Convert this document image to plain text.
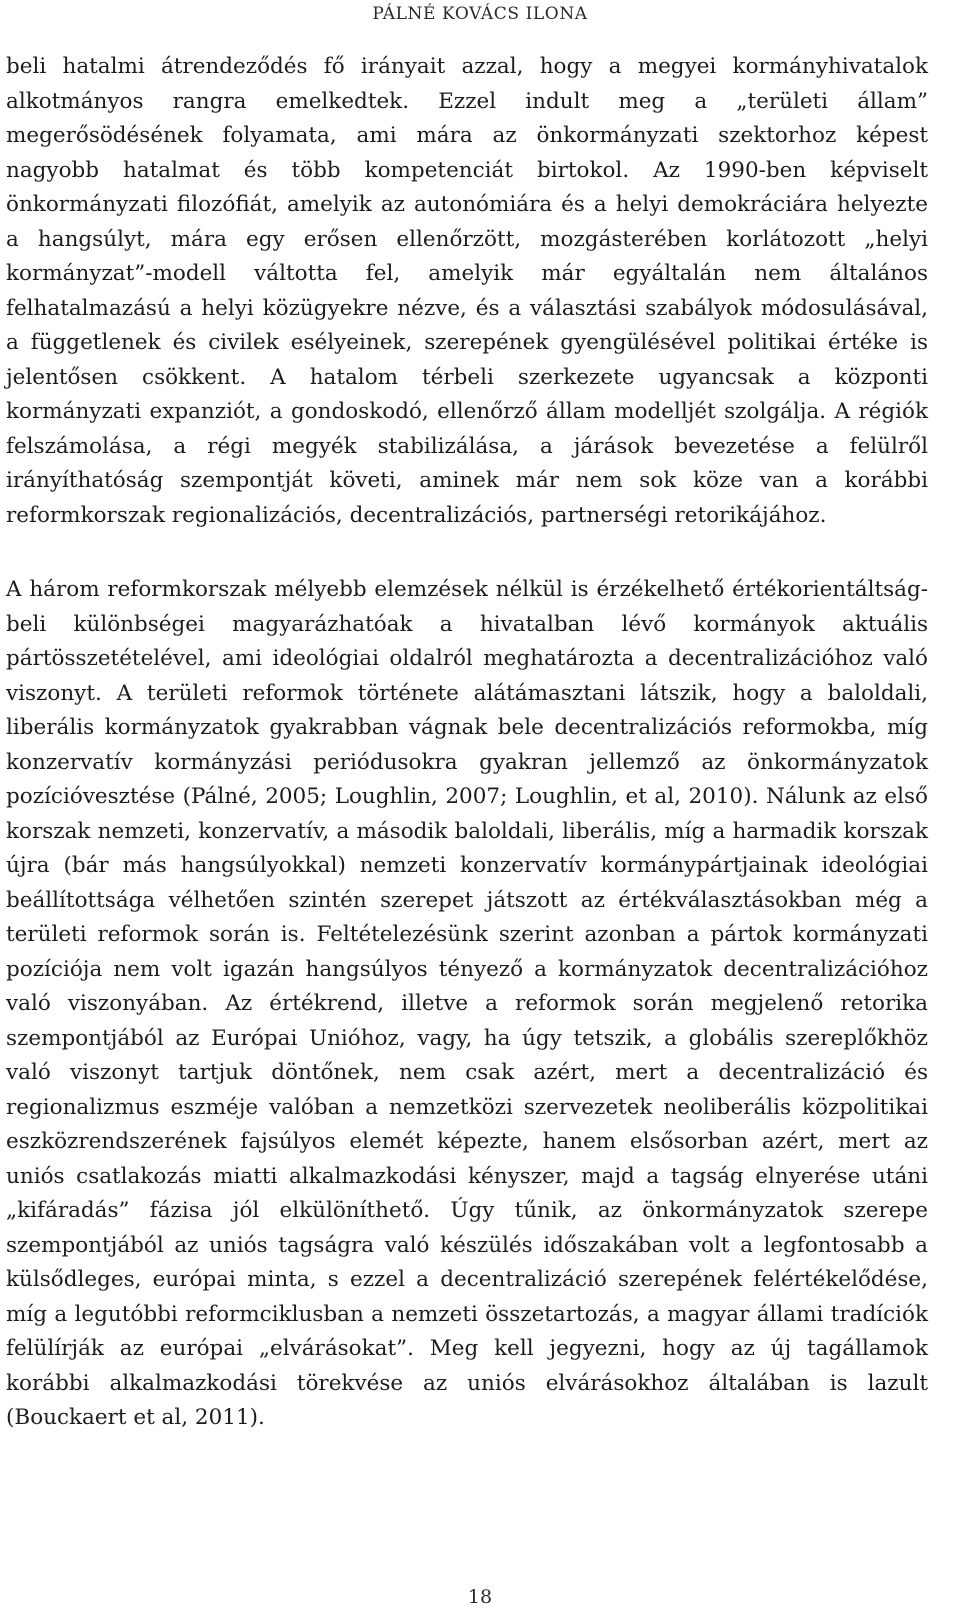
PÁLNÉ KOVÁCS ILONA

beli hatalmi átrendeződés fő irányait azzal, hogy a megyei kormányhivatalok alkotmányos rangra emelkedtek. Ezzel indult meg a „területi állam” megerősödésének folyamata, ami mára az önkormányzati szektorhoz képest nagyobb hatalmat és több kompetenciát birtokol. Az 1990-ben képviselt önkormányzati filozófiát, amelyik az autonómiára és a helyi demokráciára helyezte a hangsúlyt, mára egy erősen ellenőrzött, mozgásterében korlátozott „helyi kormányzat”-modell váltotta fel, amelyik már egyáltalán nem általános felhatalmazású a helyi közügyekre nézve, és a választási szabályok módosulásával, a függetlenek és civilek esélyeinek, szerepének gyengülésével politikai értéke is jelentősen csökkent. A hatalom térbeli szerkezete ugyancsak a központi kormányzati expanziót, a gondoskodó, ellenőrző állam modelljét szolgálja. A régiók felszámolása, a régi megyék stabilizálása, a járások bevezetése a felülről irányíthatóság szempontját követi, aminek már nem sok köze van a korábbi reformkorszak regionalizációs, decentralizációs, partnerségi retorikájához.

A három reformkorszak mélyebb elemzések nélkül is érzékelhető értékorientáltság-beli különbségei magyarázhatóak a hivatalban lévő kormányok aktuális pártösszetételével, ami ideológiai oldalról meghatározta a decentralizációhoz való viszonyt. A területi reformok története alátámasztani látszik, hogy a baloldali, liberális kormányzatok gyakrabban vágnak bele decentralizációs reformokba, míg konzervatív kormányzási periódusokra gyakran jellemző az önkormányzatok pozícióvesztése (Pálné, 2005; Loughlin, 2007; Loughlin, et al, 2010). Nálunk az első korszak nemzeti, konzervatív, a második baloldali, liberális, míg a harmadik korszak újra (bár más hangsúlyokkal) nemzeti konzervatív kormánypártjainak ideológiai beállítottsága vélhetően szintén szerepet játszott az értékválasztásokban még a területi reformok során is. Feltételezésünk szerint azonban a pártok kormányzati pozíciója nem volt igazán hangsúlyos tényező a kormányzatok decentralizációhoz való viszonyában. Az értékrend, illetve a reformok során megjelenő retorika szempontjából az Európai Unióhoz, vagy, ha úgy tetszik, a globális szereplőkhöz való viszonyt tartjuk döntőnek, nem csak azért, mert a decentralizáció és regionalizmus eszméje valóban a nemzetközi szervezetek neoliberális közpolitikai eszközrendszerének fajsúlyos elemét képezte, hanem elsősorban azért, mert az uniós csatlakozás miatti alkalmazkodási kényszer, majd a tagság elnyerése utáni „kifáradás” fázisa jól elkülöníthető. Úgy tűnik, az önkormányzatok szerepe szempontjából az uniós tagságra való készülés időszakában volt a legfontosabb a külsődleges, európai minta, s ezzel a decentralizáció szerepének felértékelődése, míg a legutóbbi reformciklusban a nemzeti összetartozás, a magyar állami tradíciók felülírják az európai „elvárásokat”. Meg kell jegyezni, hogy az új tagállamok korábbi alkalmazkodási törekvése az uniós elvárásokhoz általában is lazult (Bouckaert et al, 2011).

18
